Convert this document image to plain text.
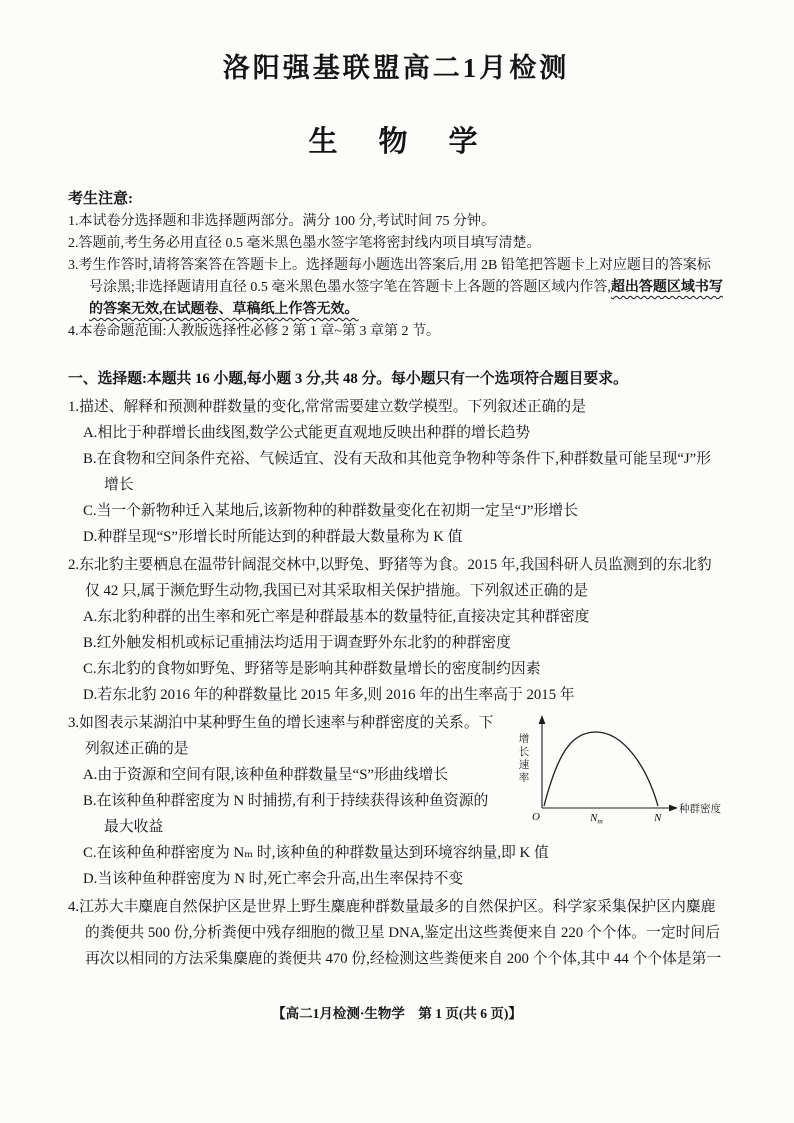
洛阳强基联盟高二1月检测
生　物　学
考生注意:
1.本试卷分选择题和非选择题两部分。满分 100 分,考试时间 75 分钟。
2.答题前,考生务必用直径 0.5 毫米黑色墨水签字笔将密封线内项目填写清楚。
3.考生作答时,请将答案答在答题卡上。选择题每小题选出答案后,用 2B 铅笔把答题卡上对应题目的答案标号涂黑;非选择题请用直径 0.5 毫米黑色墨水签字笔在答题卡上各题的答题区域内作答,超出答题区域书写的答案无效,在试题卷、草稿纸上作答无效。
4.本卷命题范围:人教版选择性必修 2 第 1 章~第 3 章第 2 节。
一、选择题:本题共 16 小题,每小题 3 分,共 48 分。每小题只有一个选项符合题目要求。
1.描述、解释和预测种群数量的变化,常常需要建立数学模型。下列叙述正确的是
A.相比于种群增长曲线图,数学公式能更直观地反映出种群的增长趋势
B.在食物和空间条件充裕、气候适宜、没有天敌和其他竞争物种等条件下,种群数量可能呈现“J”形增长
C.当一个新物种迁入某地后,该新物种的种群数量变化在初期一定呈“J”形增长
D.种群呈现“S”形增长时所能达到的种群最大数量称为 K 值
2.东北豹主要栖息在温带针阔混交林中,以野兔、野猪等为食。2015 年,我国科研人员监测到的东北豹仅 42 只,属于濒危野生动物,我国已对其采取相关保护措施。下列叙述正确的是
A.东北豹种群的出生率和死亡率是种群最基本的数量特征,直接决定其种群密度
B.红外触发相机或标记重捕法均适用于调查野外东北豹的种群密度
C.东北豹的食物如野兔、野猪等是影响其种群数量增长的密度制约因素
D.若东北豹 2016 年的种群数量比 2015 年多,则 2016 年的出生率高于 2015 年
增
长
速
率
O	$N_m$	N
种群密度
3.如图表示某湖泊中某种野生鱼的增长速率与种群密度的关系。下列叙述正确的是
A.由于资源和空间有限,该种鱼种群数量呈“S”形曲线增长
B.在该种鱼种群密度为 N 时捕捞,有利于持续获得该种鱼资源的最大收益
C.在该种鱼种群密度为 Nₘ 时,该种鱼的种群数量达到环境容纳量,即 K 值
D.当该种鱼种群密度为 N 时,死亡率会升高,出生率保持不变
4.江苏大丰麋鹿自然保护区是世界上野生麋鹿种群数量最多的自然保护区。科学家采集保护区内麋鹿的粪便共 500 份,分析粪便中残存细胞的微卫星 DNA,鉴定出这些粪便来自 220 个个体。一定时间后再次以相同的方法采集麋鹿的粪便共 470 份,经检测这些粪便来自 200 个个体,其中 44 个个体是第一
【高二1月检测·生物学　第 1 页(共 6 页)】
